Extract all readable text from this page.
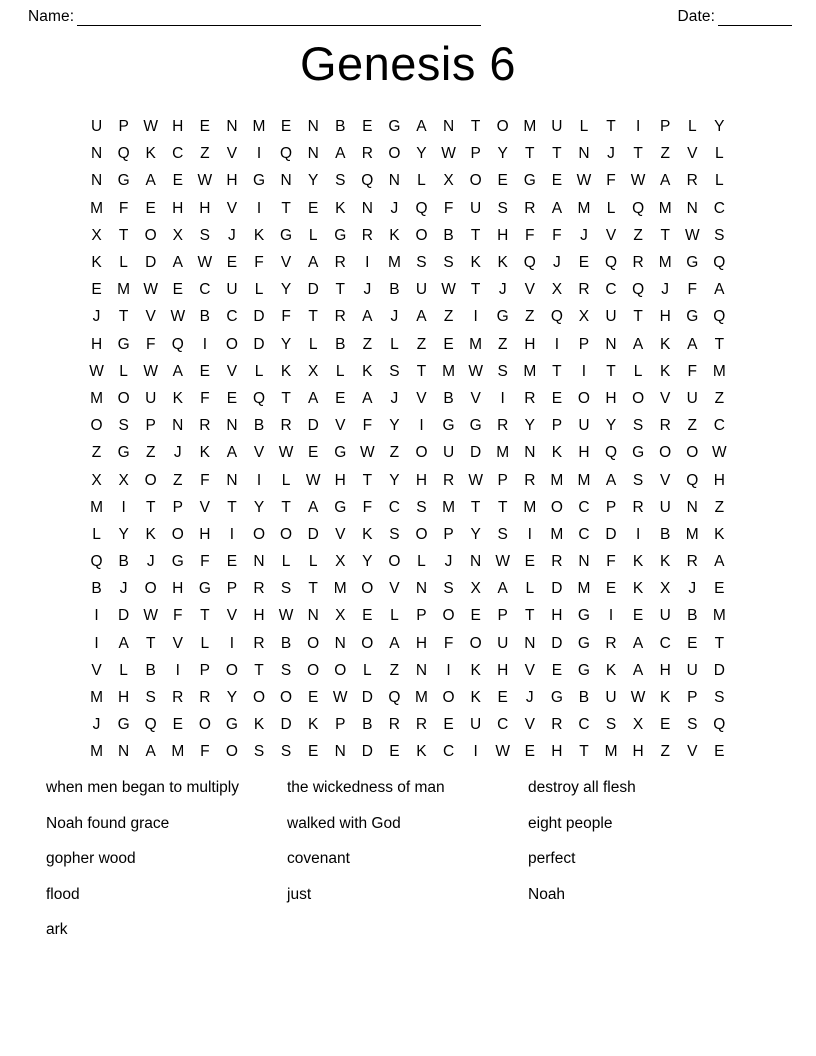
Name:	Date:
Genesis 6
U	P W H	E	N M E	N	B	E	G	A	N	T	O M U	L	T	I	P	L	Y
N Q	K	C	Z	V	I	Q N	A	R O	Y W P	Y	T	T	N	J	T	Z	V	L
N G	A	E W H G N	Y	S	Q N	L	X	O	E	G	E W F W A	R	L
M	F	E	H	H	V	I	T	E	K	N	J	Q	F	U	S	R	A M	L	Q M N	C
X	T	O	X	S	J	K	G	L	G R	K	O	B	T	H	F	F	J	V	Z	T W S
K	L	D	A W E	F	V	A	R	I	M S	S	K	K	Q	J	E	Q R M G Q
E M W E	C	U	L	Y	D	T	J	B	U W T	J	V	X	R	C Q	J	F	A
J	T	V W B	C	D	F	T	R	A	J	A	Z	I	G	Z	Q	X	U	T	H G Q
H G	F	Q	I	O D	Y	L	B	Z	L	Z	E M	Z	H	I	P	N	A	K	A	T
W L W A	E	V	L	K	X	L	K	S	T	M W S M	T	I	T	L	K	F	M
M O U	K	F	E	Q	T	A	E	A	J	V	B	V	I	R	E	O H O	V	U	Z
O	S	P	N	R	N	B	R	D	V	F	Y	I	G G R	Y	P	U	Y	S	R	Z	C
Z	G	Z	J	K	A	V W E	G W Z	O U	D M N	K	H Q G O O W
X	X	O	Z	F	N	I	L W H	T	Y	H	R W P	R M M A	S	V	Q H
M	I	T	P	V	T	Y	T	A	G	F	C	S M	T	T	M O C	P	R	U	N	Z
L	Y	K	O H	I	O O D	V	K	S	O	P	Y	S	I	M C	D	I	B M K
Q	B	J	G	F	E	N	L	L	X	Y	O	L	J	N W E	R	N	F	K	K	R	A
B	J	O H G	P	R	S	T	M O	V	N	S	X	A	L	D M E	K	X	J	E
I	D W F	T	V	H W N	X	E	L	P	O	E	P	T	H G	I	E	U	B M
I	A	T	V	L	I	R	B	O N O	A	H	F	O U	N	D G R	A	C	E	T
V	L	B	I	P	O	T	S	O O	L	Z	N	I	K	H	V	E	G	K	A	H	U	D
M H	S	R	R	Y	O O	E W D Q M O	K	E	J	G	B	U W K	P	S
J	G Q	E	O G	K	D	K	P	B	R	R	E	U	C	V	R	C	S	X	E	S	Q
M N	A M	F	O	S	S	E	N	D	E	K	C	I	W E	H	T	M H	Z	V	E
when men began to multiply	the wickedness of man	destroy all flesh
Noah found grace	walked with God	eight people
gopher wood	covenant	perfect
flood	just	Noah
ark
